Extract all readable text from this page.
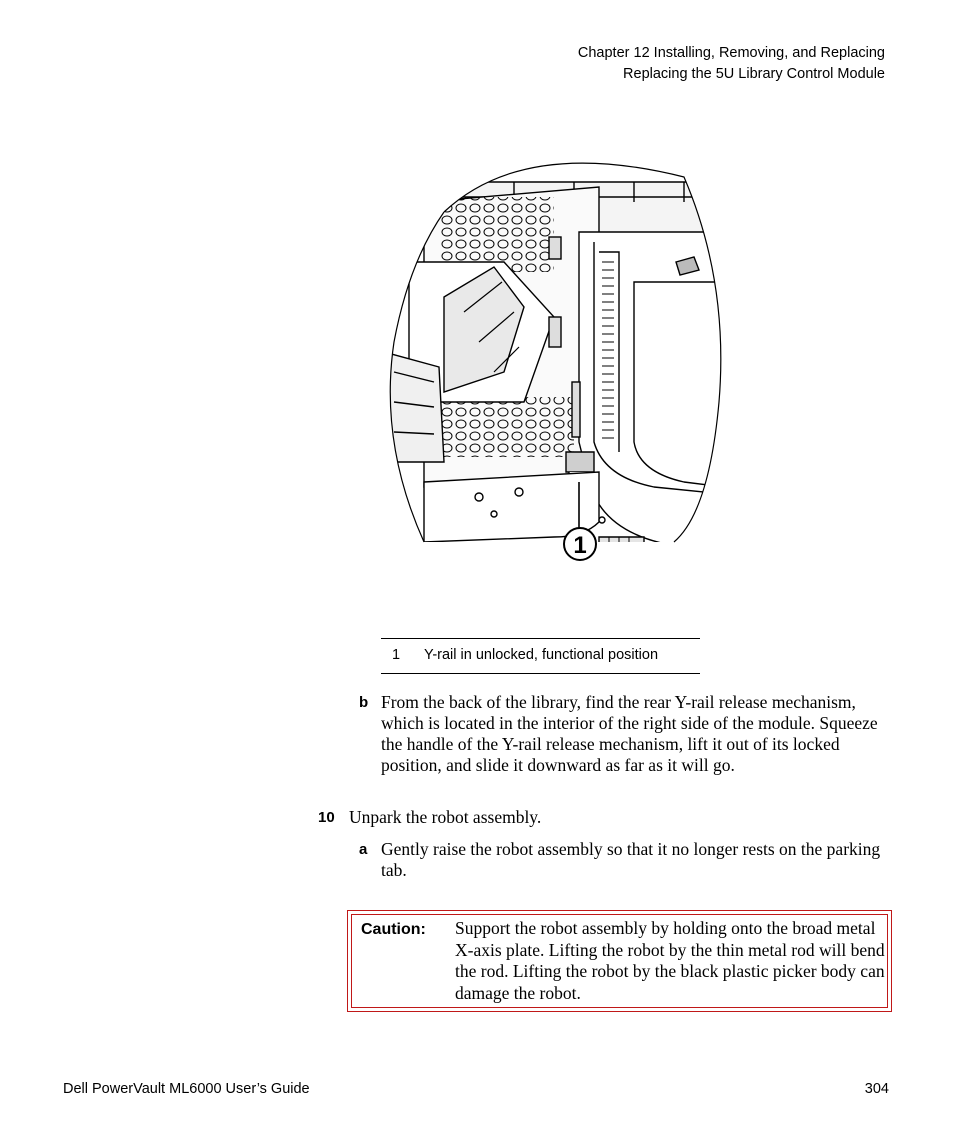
Chapter 12 Installing, Removing, and Replacing
Replacing the 5U Library Control Module
1
1 Y-rail in unlocked, functional position
b From the back of the library, find the rear Y-rail release mechanism, which is located in the interior of the right side of the module. Squeeze the handle of the Y-rail release mechanism, lift it out of its locked position, and slide it downward as far as it will go.
10 Unpark the robot assembly.
a Gently raise the robot assembly so that it no longer rests on the parking tab.
Caution: Support the robot assembly by holding onto the broad metal X-axis plate. Lifting the robot by the thin metal rod will bend the rod. Lifting the robot by the black plastic picker body can damage the robot.
Dell PowerVault ML6000 User’s Guide	304
